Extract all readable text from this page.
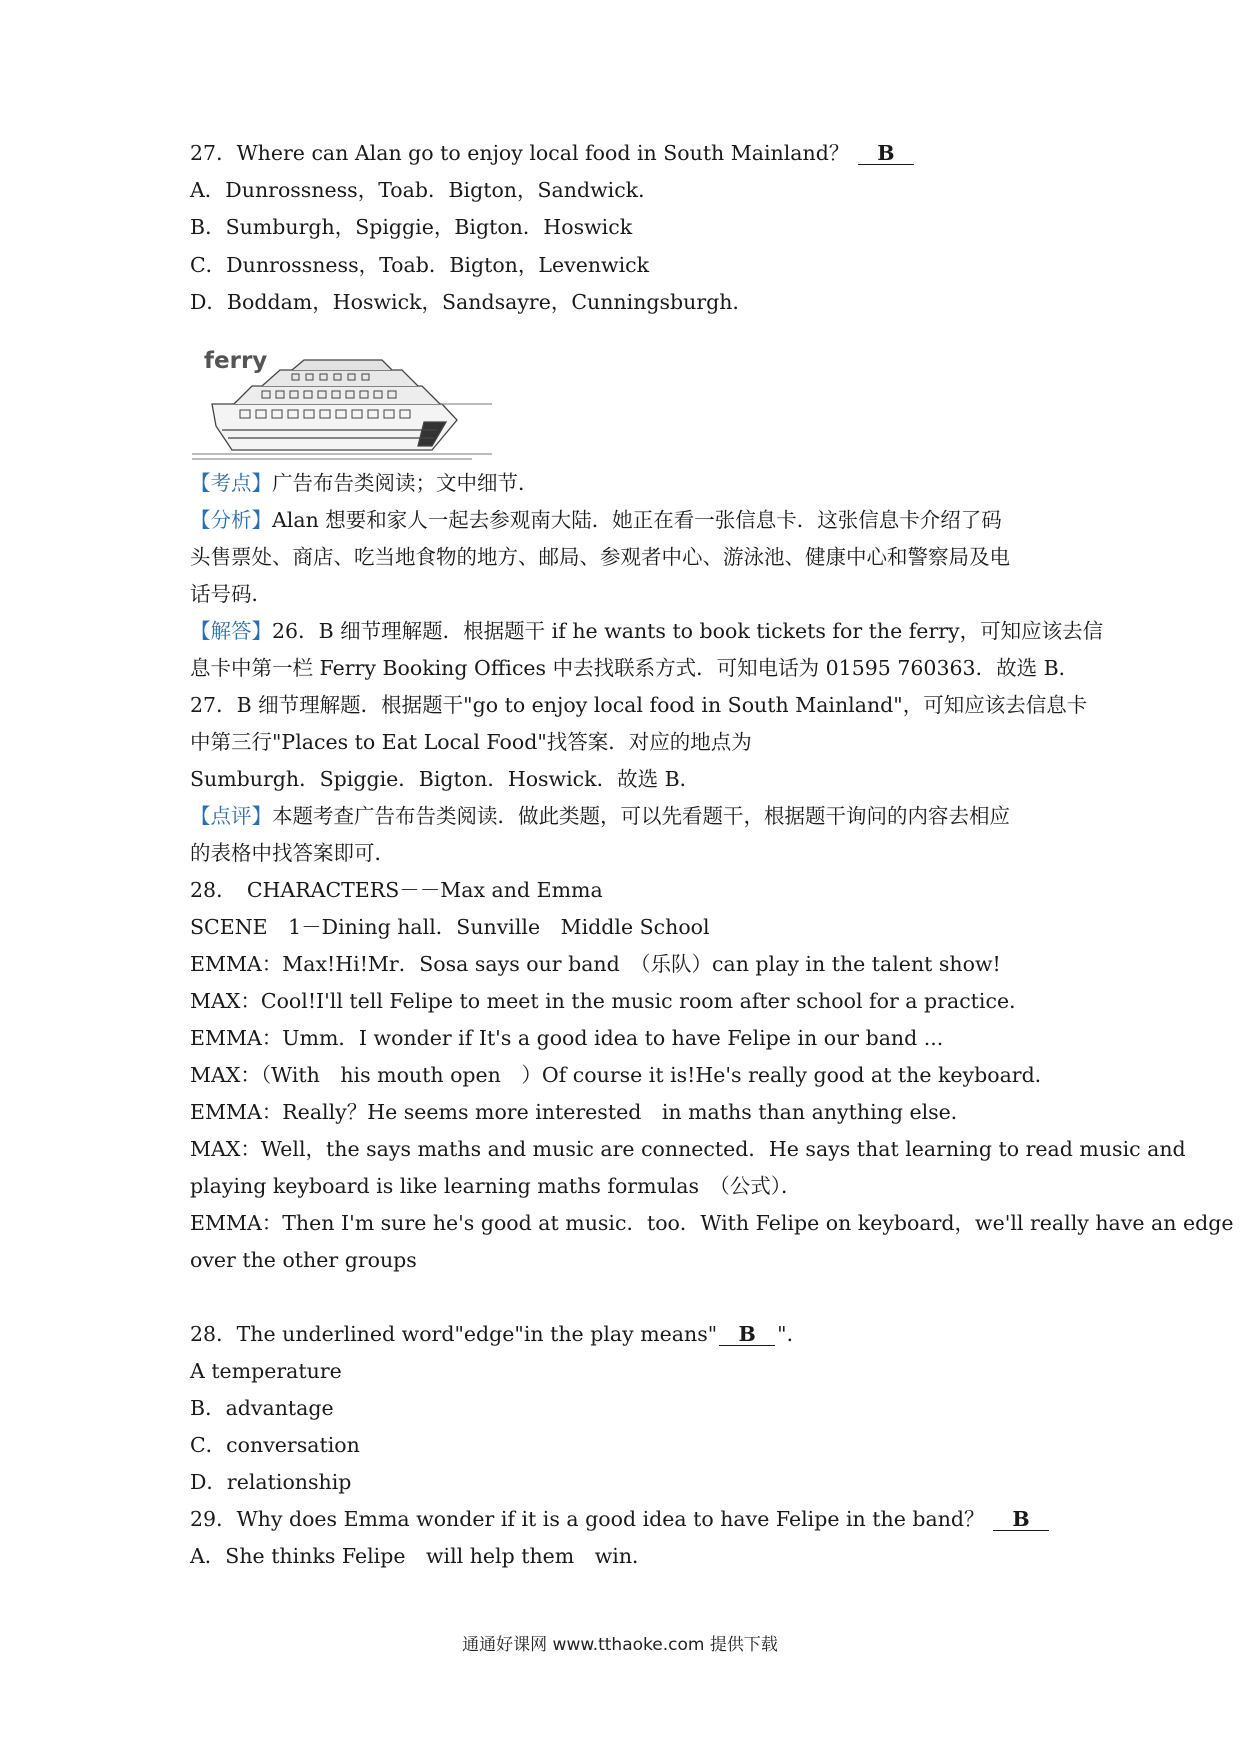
27．Where can Alan go to enjoy local food in South Mainland？ B
A．Dunrossness，Toab．Bigton，Sandwick．
B．Sumburgh，Spiggie，Bigton．Hoswick
C．Dunrossness，Toab．Bigton，Levenwick
D．Boddam，Hoswick，Sandsayre，Cunningsburgh．
ferry
【考点】广告布告类阅读；文中细节．
【分析】Alan 想要和家人一起去参观南大陆．她正在看一张信息卡．这张信息卡介绍了码
头售票处、商店、吃当地食物的地方、邮局、参观者中心、游泳池、健康中心和警察局及电
话号码．
【解答】26．B 细节理解题．根据题干 if he wants to book tickets for the ferry，可知应该去信
息卡中第一栏 Ferry Booking Offices 中去找联系方式．可知电话为 01595 760363．故选 B．
27．B 细节理解题．根据题干"go to enjoy local food in South Mainland"，可知应该去信息卡
中第三行"Places to Eat Local Food"找答案．对应的地点为
Sumburgh．Spiggie．Bigton．Hoswick．故选 B．
【点评】本题考查广告布告类阅读．做此类题，可以先看题干，根据题干询问的内容去相应
的表格中找答案即可．
28．　CHARACTERS－－Max and Emma
SCENE　1－Dining hall．Sunville　Middle School
EMMA：Max!Hi!Mr．Sosa says our band　（乐队）can play in the talent show!
MAX：Cool!I'll tell Felipe to meet in the music room after school for a practice．
EMMA：Umm．I wonder if It's a good idea to have Felipe in our band ...
MAX：（With　his mouth open　）Of course it is!He's really good at the keyboard．
EMMA：Really？He seems more interested　in maths than anything else．
MAX：Well，the says maths and music are connected．He says that learning to read music and
playing keyboard is like learning maths formulas　（公式）．
EMMA：Then I'm sure he's good at music．too．With Felipe on keyboard，we'll really have an edge
over the other groups
28．The underlined word"edge"in the play means" B "．
A temperature
B．advantage
C．conversation
D．relationship
29．Why does Emma wonder if it is a good idea to have Felipe in the band？ B
A．She thinks Felipe　will help them　win．
通通好课网 www.tthaoke.com 提供下载
